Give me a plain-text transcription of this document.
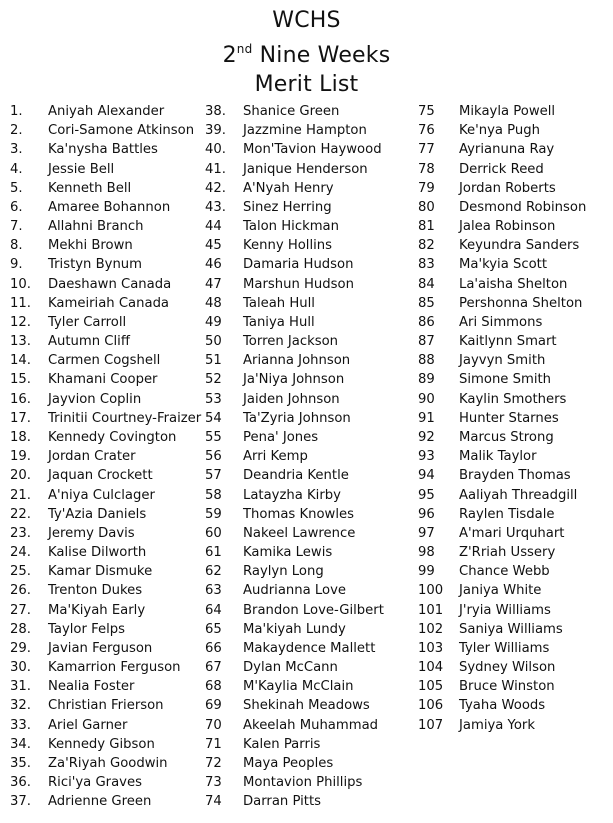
WCHS
2nd Nine Weeks
Merit List
1.	Aniyah Alexander
2.	Cori-Samone Atkinson
3.	Ka'nysha Battles
4.	Jessie Bell
5.	Kenneth Bell
6.	Amaree Bohannon
7.	Allahni Branch
8.	Mekhi Brown
9.	Tristyn Bynum
10.	Daeshawn Canada
11.	Kameiriah Canada
12.	Tyler Carroll
13.	Autumn Cliff
14.	Carmen Cogshell
15.	Khamani Cooper
16.	Jayvion Coplin
17.	Trinitii Courtney-Fraizer
18.	Kennedy Covington
19.	Jordan Crater
20.	Jaquan Crockett
21.	A'niya Culclager
22.	Ty'Azia Daniels
23.	Jeremy Davis
24.	Kalise Dilworth
25.	Kamar Dismuke
26.	Trenton Dukes
27.	Ma'Kiyah Early
28.	Taylor Felps
29.	Javian Ferguson
30.	Kamarrion Ferguson
31.	Nealia Foster
32.	Christian Frierson
33.	Ariel Garner
34.	Kennedy Gibson
35.	Za'Riyah Goodwin
36.	Rici'ya Graves
37.	Adrienne Green
38.	Shanice Green
39.	Jazzmine Hampton
40.	Mon'Tavion Haywood
41.	Janique Henderson
42.	A'Nyah Henry
43.	Sinez Herring
44	Talon Hickman
45	Kenny Hollins
46	Damaria Hudson
47	Marshun Hudson
48	Taleah Hull
49	Taniya Hull
50	Torren Jackson
51	Arianna Johnson
52	Ja'Niya Johnson
53	Jaiden Johnson
54	Ta'Zyria Johnson
55	Pena' Jones
56	Arri Kemp
57	Deandria Kentle
58	Latayzha Kirby
59	Thomas Knowles
60	Nakeel Lawrence
61	Kamika Lewis
62	Raylyn Long
63	Audrianna Love
64	Brandon Love-Gilbert
65	Ma'kiyah Lundy
66	Makaydence Mallett
67	Dylan McCann
68	M'Kaylia McClain
69	Shekinah Meadows
70	Akeelah Muhammad
71	Kalen Parris
72	Maya Peoples
73	Montavion Phillips
74	Darran Pitts
75	Mikayla Powell
76	Ke'nya Pugh
77	Ayrianuna Ray
78	Derrick Reed
79	Jordan Roberts
80	Desmond Robinson
81	Jalea Robinson
82	Keyundra Sanders
83	Ma'kyia Scott
84	La'aisha Shelton
85	Pershonna Shelton
86	Ari Simmons
87	Kaitlynn Smart
88	Jayvyn Smith
89	Simone Smith
90	Kaylin Smothers
91	Hunter Starnes
92	Marcus Strong
93	Malik Taylor
94	Brayden Thomas
95	Aaliyah Threadgill
96	Raylen Tisdale
97	A'mari Urquhart
98	Z'Rriah Ussery
99	Chance Webb
100	Janiya White
101	J'ryia Williams
102	Saniya Williams
103	Tyler Williams
104	Sydney Wilson
105	Bruce Winston
106	Tyaha Woods
107	Jamiya York
